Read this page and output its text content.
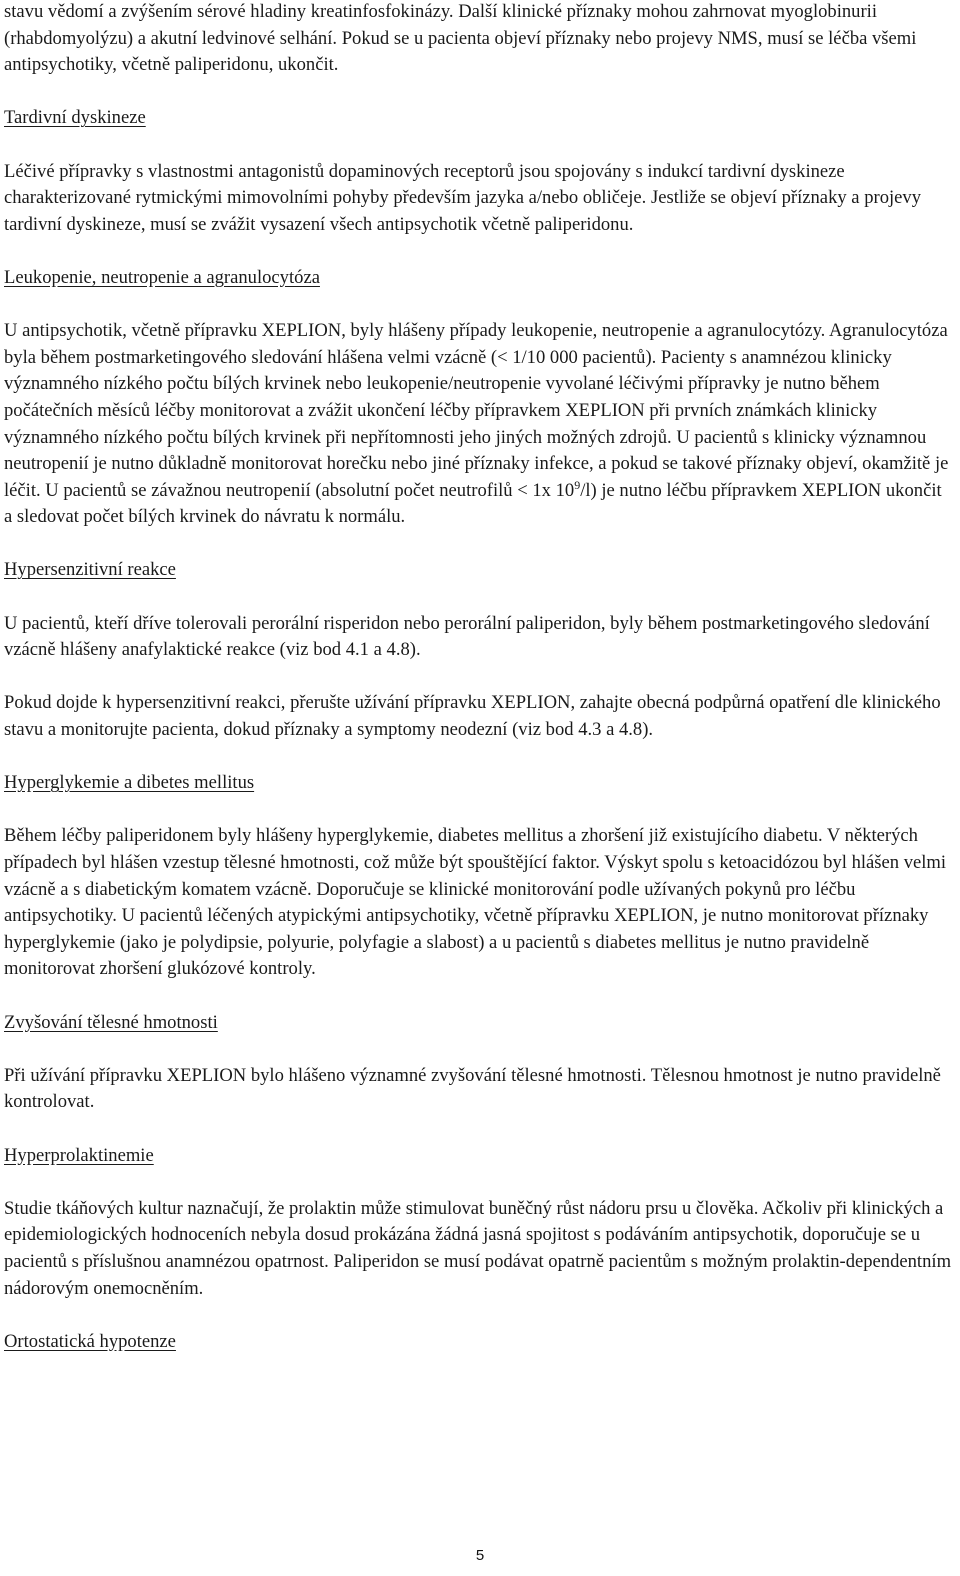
stavu vědomí a zvýšením sérové hladiny kreatinfosfokinázy. Další klinické příznaky mohou zahrnovat myoglobinurii (rhabdomyolýzu) a akutní ledvinové selhání. Pokud se u pacienta objeví příznaky nebo projevy NMS, musí se léčba všemi antipsychotiky, včetně paliperidonu, ukončit.

Tardivní dyskineze

Léčivé přípravky s vlastnostmi antagonistů dopaminových receptorů jsou spojovány s indukcí tardivní dyskineze charakterizované rytmickými mimovolními pohyby především jazyka a/nebo obličeje. Jestliže se objeví příznaky a projevy tardivní dyskineze, musí se zvážit vysazení všech antipsychotik včetně paliperidonu.

Leukopenie, neutropenie a agranulocytóza

U antipsychotik, včetně přípravku XEPLION, byly hlášeny případy leukopenie, neutropenie a agranulocytózy. Agranulocytóza byla během postmarketingového sledování hlášena velmi vzácně (< 1/10 000 pacientů). Pacienty s anamnézou klinicky významného nízkého počtu bílých krvinek nebo leukopenie/neutropenie vyvolané léčivými přípravky je nutno během počátečních měsíců léčby monitorovat a zvážit ukončení léčby přípravkem XEPLION při prvních známkách klinicky významného nízkého počtu bílých krvinek při nepřítomnosti jeho jiných možných zdrojů. U pacientů s klinicky významnou neutropenií je nutno důkladně monitorovat horečku nebo jiné příznaky infekce, a pokud se takové příznaky objeví, okamžitě je léčit. U pacientů se závažnou neutropenií (absolutní počet neutrofilů < 1x $10^9/l$) je nutno léčbu přípravkem XEPLION ukončit a sledovat počet bílých krvinek do návratu k normálu.

Hypersenzitivní reakce

U pacientů, kteří dříve tolerovali perorální risperidon nebo perorální paliperidon, byly během postmarketingového sledování vzácně hlášeny anafylaktické reakce (viz bod 4.1 a 4.8).

Pokud dojde k hypersenzitivní reakci, přerušte užívání přípravku XEPLION, zahajte obecná podpůrná opatření dle klinického stavu a monitorujte pacienta, dokud příznaky a symptomy neodezní (viz bod 4.3 a 4.8).

Hyperglykemie a dibetes mellitus

Během léčby paliperidonem byly hlášeny hyperglykemie, diabetes mellitus a zhoršení již existujícího diabetu. V některých případech byl hlášen vzestup tělesné hmotnosti, což může být spouštějící faktor. Výskyt spolu s ketoacidózou byl hlášen velmi vzácně a s diabetickým komatem vzácně. Doporučuje se klinické monitorování podle užívaných pokynů pro léčbu antipsychotiky. U pacientů léčených atypickými antipsychotiky, včetně přípravku XEPLION, je nutno monitorovat příznaky hyperglykemie (jako je polydipsie, polyurie, polyfagie a slabost) a u pacientů s diabetes mellitus je nutno pravidelně monitorovat zhoršení glukózové kontroly.

Zvyšování tělesné hmotnosti

Při užívání přípravku XEPLION bylo hlášeno významné zvyšování tělesné hmotnosti. Tělesnou hmotnost je nutno pravidelně kontrolovat.

Hyperprolaktinemie

Studie tkáňových kultur naznačují, že prolaktin může stimulovat buněčný růst nádoru prsu u člověka. Ačkoliv při klinických a epidemiologických hodnoceních nebyla dosud prokázána žádná jasná spojitost s podáváním antipsychotik, doporučuje se u pacientů s příslušnou anamnézou opatrnost. Paliperidon se musí podávat opatrně pacientům s možným prolaktin-dependentním nádorovým onemocněním.

Ortostatická hypotenze

5
